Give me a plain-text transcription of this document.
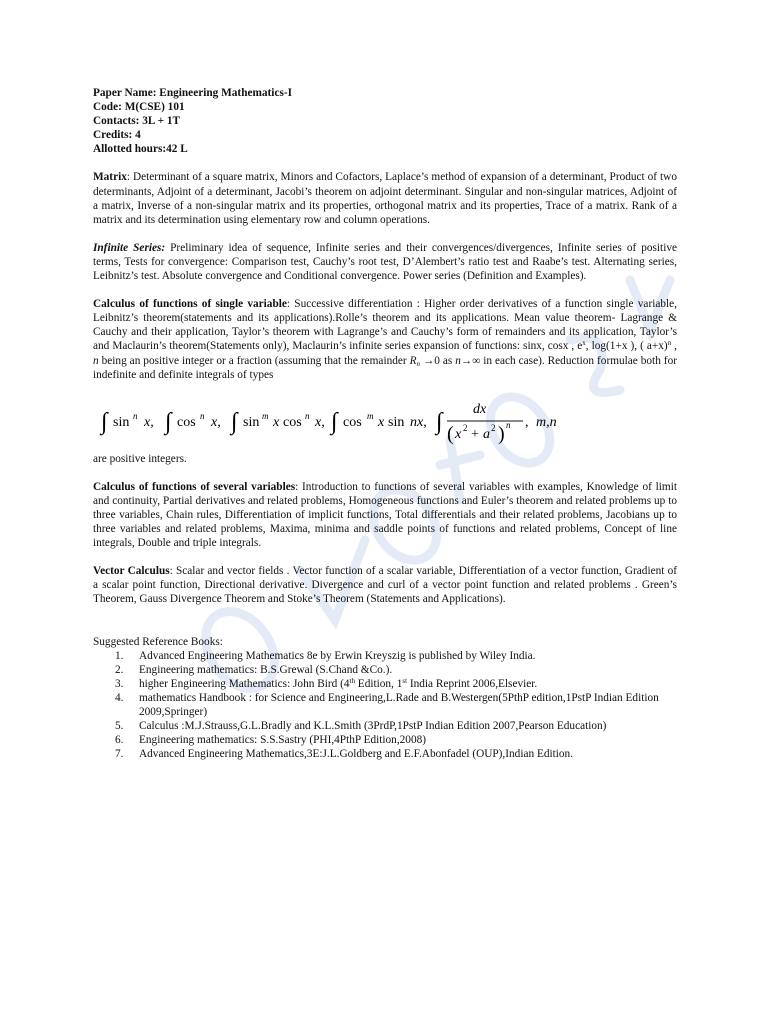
Paper Name: Engineering Mathematics-I
Code: M(CSE) 101
Contacts: 3L + 1T
Credits: 4
Allotted hours:42 L

Matrix: Determinant of a square matrix, Minors and Cofactors, Laplace’s method of expansion of a determinant, Product of two determinants, Adjoint of a determinant, Jacobi’s theorem on adjoint determinant. Singular and non-singular matrices, Adjoint of a matrix, Inverse of a non-singular matrix and its properties, orthogonal matrix and its properties, Trace of a matrix. Rank of a matrix and its determination using elementary row and column operations.

Infinite Series: Preliminary idea of sequence, Infinite series and their convergences/divergences, Infinite series of positive terms, Tests for convergence: Comparison test, Cauchy’s root test, D’Alembert’s ratio test and Raabe’s test. Alternating series, Leibnitz’s test. Absolute convergence and Conditional convergence. Power series (Definition and Examples).

Calculus of functions of single variable: Successive differentiation : Higher order derivatives of a function single variable, Leibnitz’s theorem(statements and its applications).Rolle’s theorem and its applications. Mean value theorem- Lagrange & Cauchy and their application, Taylor’s theorem with Lagrange’s and Cauchy’s form of remainders and its application, Taylor’s and Maclaurin’s theorem(Statements only), Maclaurin’s infinite series expansion of functions: sinx, cosx , $e^x$, log(1+x ), ( a+x)$^n$ , n being an positive integer or a fraction (assuming that the remainder $R_n \to 0$ as n→∞ in each case). Reduction formulae both for indefinite and definite integrals of types

∫ sin n x, ∫ cos n x, ∫ sin m x cos n x, ∫ cos m x sin nx, ∫ dx
( x 2 + a 2 ) n , m,n

are positive integers.

Calculus of functions of several variables: Introduction to functions of several variables with examples, Knowledge of limit and continuity, Partial derivatives and related problems, Homogeneous functions and Euler’s theorem and related problems up to three variables, Chain rules, Differentiation of implicit functions, Total differentials and their related problems, Jacobians up to three variables and related problems, Maxima, minima and saddle points of functions and related problems, Concept of line integrals, Double and triple integrals.

Vector Calculus: Scalar and vector fields . Vector function of a scalar variable, Differentiation of a vector function, Gradient of a scalar point function, Directional derivative. Divergence and curl of a vector point function and related problems . Green’s Theorem, Gauss Divergence Theorem and Stoke’s Theorem (Statements and Applications).

Suggested Reference Books:
1. Advanced Engineering Mathematics 8e by Erwin Kreyszig is published by Wiley India.
2. Engineering mathematics: B.S.Grewal (S.Chand &Co.).
3. higher Engineering Mathematics: John Bird (4th Edition, 1st India Reprint 2006,Elsevier.
4. mathematics Handbook : for Science and Engineering,L.Rade and B.Westergen(5PthP edition,1PstP Indian Edition 2009,Springer)
5. Calculus :M.J.Strauss,G.L.Bradly and K.L.Smith (3PrdP,1PstP Indian Edition 2007,Pearson Education)
6. Engineering mathematics: S.S.Sastry (PHI,4PthP Edition,2008)
7. Advanced Engineering Mathematics,3E:J.L.Goldberg and E.F.Abonfadel (OUP),Indian Edition.
